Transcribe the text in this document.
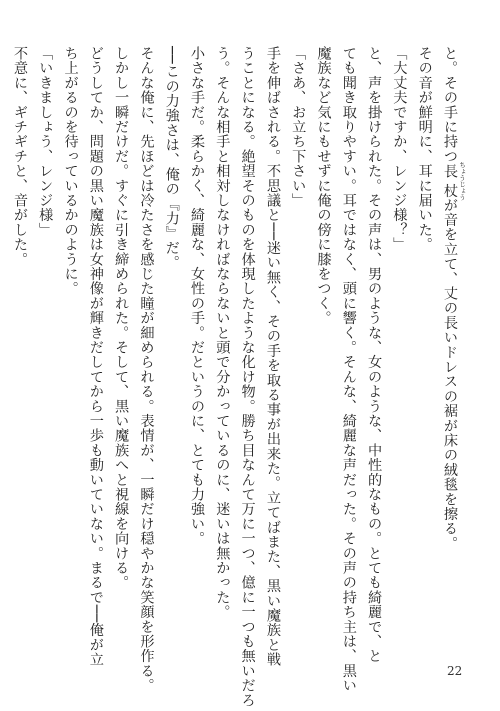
と。その手に持つ長杖 ちょうじょうが音を立て、丈の長いドレスの裾が床の絨毯を擦る。

その音が鮮明に、耳に届いた。

「大丈夫ですか、レンジ様？」

と、声を掛けられた。その声は、男のような、女のような、中性的なもの。とても綺麗で、と

ても聞き取りやすい。耳ではなく、頭に響く。そんな、綺麗な声だった。その声の持ち主は、黒い

魔族など気にもせずに俺の傍に膝をつく。

「さあ、お立ち下さい」

手を伸ばされる。不思議と──迷い無く、その手を取る事が出来た。立てばまた、黒い魔族と戦

うことになる。絶望そのものを体現したような化け物。勝ち目なんて万に一つ、億に一つも無いだろ

う。そんな相手と相対しなければならないと頭で分かっているのに、迷いは無かった。

小さな手だ。柔らかく、綺麗な、女性の手。だというのに、とても力強い。

──この力強さは、俺の『力』だ。

そんな俺に、先ほどは冷たさを感じた瞳が細められる。表情が、一瞬だけ穏やかな笑顔を形作る。

しかし一瞬だけだ。すぐに引き締められた。そして、黒い魔族へと視線を向ける。

どうしてか、問題の黒い魔族は女神像が輝きだしてから一歩も動いていない。まるで──俺が立

ち上がるのを待っているかのように。

「いきましょう、レンジ様」

不意に、ギチギチと、音がした。

22
